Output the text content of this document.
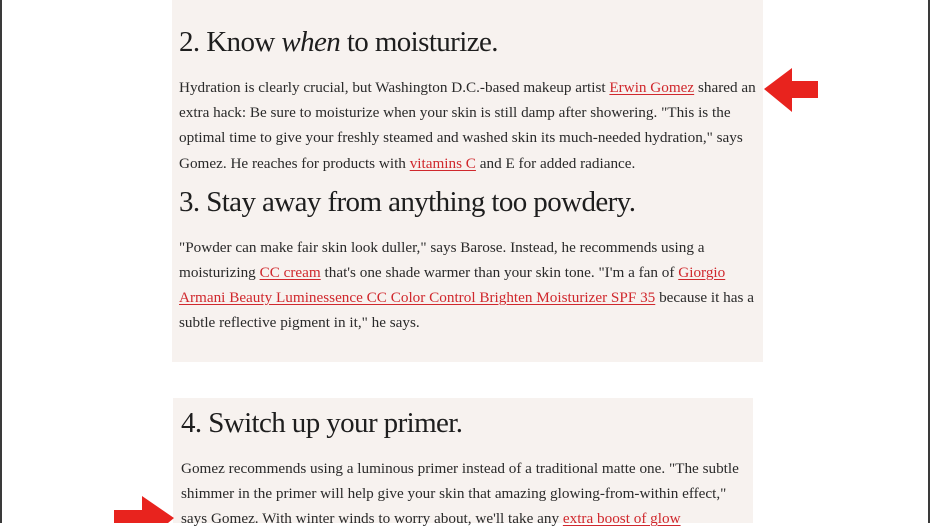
2. Know when to moisturize.

Hydration is clearly crucial, but Washington D.C.-based makeup artist Erwin Gomez shared an extra hack: Be sure to moisturize when your skin is still damp after showering. "This is the optimal time to give your freshly steamed and washed skin its much-needed hydration," says Gomez. He reaches for products with vitamins C and E for added radiance.

3. Stay away from anything too powdery.

"Powder can make fair skin look duller," says Barose. Instead, he recommends using a moisturizing CC cream that's one shade warmer than your skin tone. "I'm a fan of Giorgio Armani Beauty Luminessence CC Color Control Brighten Moisturizer SPF 35 because it has a subtle reflective pigment in it," he says.

4. Switch up your primer.

Gomez recommends using a luminous primer instead of a traditional matte one. "The subtle shimmer in the primer will help give your skin that amazing glowing-from-within effect," says Gomez. With winter winds to worry about, we'll take any extra boost of glow
